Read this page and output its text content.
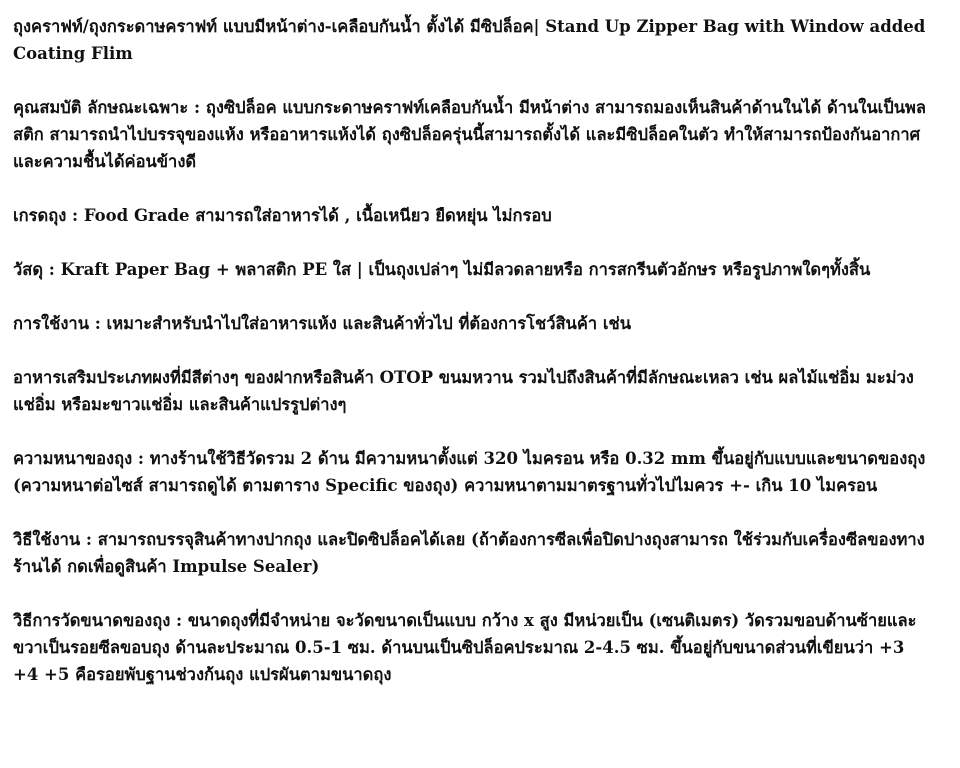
ถุงคราฟท์/ถุงกระดาษคราฟท์ แบบมีหน้าต่าง-เคลือบกันน้ำ ตั้งได้ มีซิปล็อค| Stand Up Zipper Bag with Window added Coating Flim

คุณสมบัติ ลักษณะเฉพาะ : ถุงซิปล็อค แบบกระดาษคราฟท์เคลือบกันน้ำ มีหน้าต่าง สามารถมองเห็นสินค้าด้านในได้ ด้านในเป็นพลสติก สามารถนำไปบรรจุของแห้ง หรืออาหารแห้งได้ ถุงซิปล็อครุ่นนี้สามารถตั้งได้ และมีซิปล็อคในตัว ทำให้สามารถป้องกันอากาศและความชื้นได้ค่อนข้างดี

เกรดถุง : Food Grade สามารถใส่อาหารได้ , เนื้อเหนียว ยืดหยุ่น ไม่กรอบ

วัสดุ : Kraft Paper Bag + พลาสติก PE ใส | เป็นถุงเปล่าๆ ไม่มีลวดลายหรือ การสกรีนตัวอักษร หรือรูปภาพใดๆทั้งสิ้น

การใช้งาน : เหมาะสำหรับนำไปใส่อาหารแห้ง และสินค้าทั่วไป ที่ต้องการโชว์สินค้า เช่น

อาหารเสริมประเภทผงที่มีสีต่างๆ ของฝากหรือสินค้า OTOP ขนมหวาน รวมไปถึงสินค้าที่มีลักษณะเหลว เช่น ผลไม้แช่อิ่ม มะม่วงแช่อิ่ม หรือมะขาวแช่อิ่ม และสินค้าแปรรูปต่างๆ

ความหนาของถุง : ทางร้านใช้วิธีวัดรวม 2 ด้าน มีความหนาตั้งแต่ 320 ไมครอน หรือ 0.32 mm ขึ้นอยู่กับแบบและขนาดของถุง (ความหนาต่อไซส์ สามารถดูได้ ตามตาราง Specific ของถุง) ความหนาตามมาตรฐานทั่วไปไมควร +- เกิน 10 ไมครอน

วิธีใช้งาน : สามารถบรรจุสินค้าทางปากถุง และปิดซิปล็อคได้เลย (ถ้าต้องการซีลเพื่อปิดปางถุงสามารถ ใช้ร่วมกับเครื่องซีลของทางร้านได้ กดเพื่อดูสินค้า Impulse Sealer)

วิธีการวัดขนาดของถุง : ขนาดถุงที่มีจำหน่าย จะวัดขนาดเป็นแบบ กว้าง x สูง มีหน่วยเป็น (เซนติเมตร) วัดรวมขอบด้านซ้ายและขวาเป็นรอยซีลขอบถุง ด้านละประมาณ 0.5-1 ซม. ด้านบนเป็นซิปล็อคประมาณ 2-4.5 ซม. ขึ้นอยู่กับขนาดส่วนที่เขียนว่า +3 +4 +5 คือรอยพับฐานช่วงก้นถุง แปรผันตามขนาดถุง
